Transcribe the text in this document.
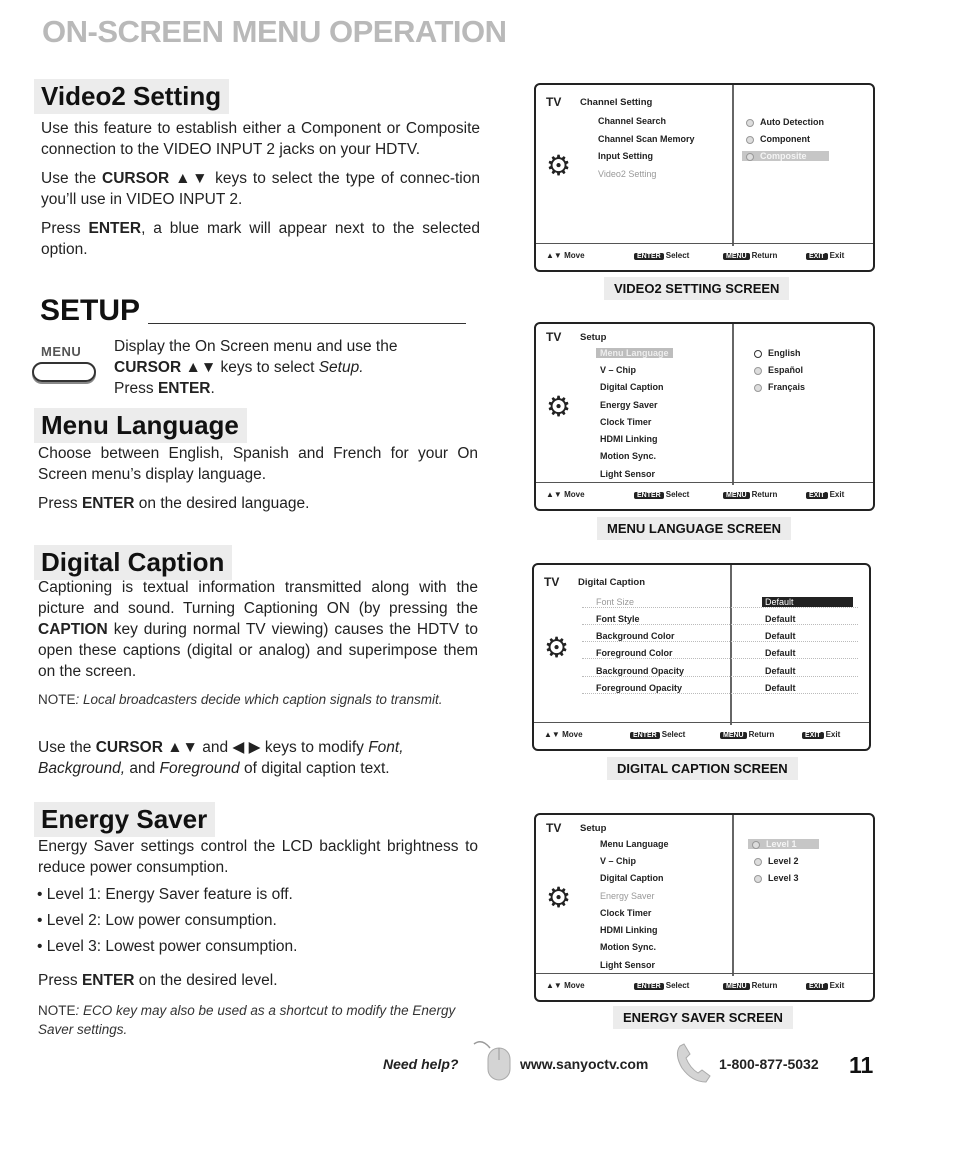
ON-SCREEN MENU OPERATION
Video2 Setting

Use this feature to establish either a Component or Composite connection to the VIDEO INPUT 2 jacks on your HDTV.

Use the CURSOR ▲▼ keys to select the type of connec-tion you’ll use in VIDEO INPUT 2.

Press ENTER, a blue mark will appear next to the selected option.

SETUP
MENU Display the On Screen menu and use the
CURSOR ▲▼ keys to select Setup.
Press ENTER.
Menu Language

Choose between English, Spanish and French for your On Screen menu’s display language.

Press ENTER on the desired language.

Digital Caption

Captioning is textual information transmitted along with the picture and sound. Turning Captioning ON (by pressing the CAPTION key during normal TV viewing) causes the HDTV to open these captions (digital or analog) and superimpose them on the screen.

NOTE: Local broadcasters decide which caption signals to transmit.
Use the CURSOR ▲▼ and ◀ ▶ keys to modify Font, Background, and Foreground of digital caption text.
Energy Saver
Energy Saver settings control the LCD backlight brightness to reduce power consumption.
• Level 1: Energy Saver feature is off.
• Level 2: Low power consumption.
• Level 3: Lowest power consumption.
Press ENTER on the desired level.
NOTE: ECO key may also be used as a shortcut to modify the Energy Saver settings.
TV Channel Setting
⚙
Channel Search
Channel Scan Memory
Input Setting
Video2 Setting
Auto Detection
Component
Composite
▲▼ Move	ENTER Select	MENU Return	EXIT Exit
VIDEO2 SETTING SCREEN
TV Setup
⚙
Menu Language
V – Chip
Digital Caption
Energy Saver
Clock Timer
HDMI Linking
Motion Sync.
Light Sensor
English
Español
Français
▲▼ Move	ENTER Select	MENU Return	EXIT Exit
MENU LANGUAGE SCREEN
TV Digital Caption
⚙
Font Size	Default
Font Style	Default
Background Color	Default
Foreground Color	Default
Background Opacity	Default
Foreground Opacity	Default
▲▼ Move	ENTER Select	MENU Return	EXIT Exit
DIGITAL CAPTION SCREEN
TV Setup
⚙
Menu Language
V – Chip
Digital Caption
Energy Saver
Clock Timer
HDMI Linking
Motion Sync.
Light Sensor
Level 1
Level 2
Level 3
▲▼ Move	ENTER Select	MENU Return	EXIT Exit
ENERGY SAVER SCREEN
Need help?	www.sanyoctv.com	1-800-877-5032 11
